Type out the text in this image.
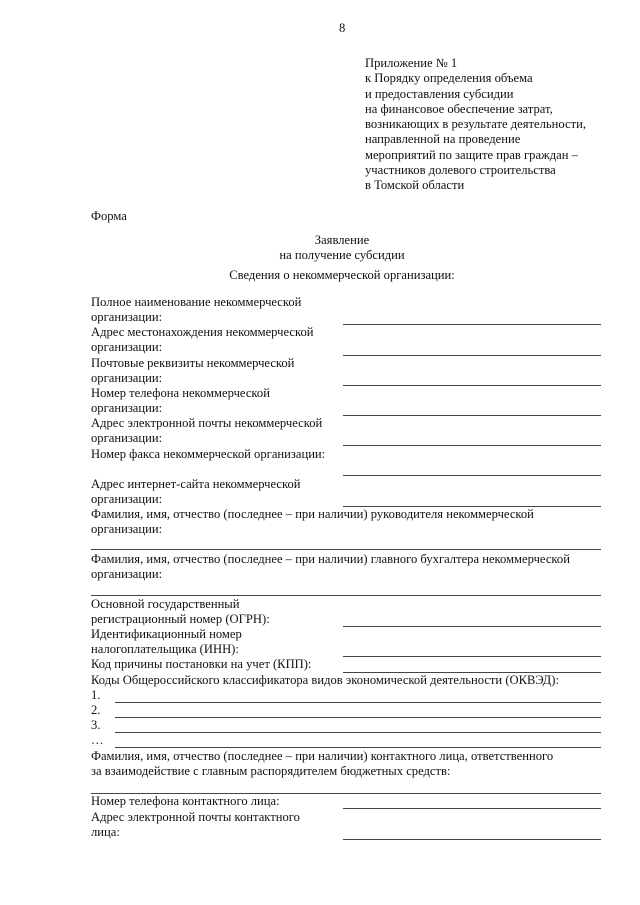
8
Приложение № 1
к Порядку определения объема
и предоставления субсидии
на финансовое обеспечение затрат,
возникающих в результате деятельности,
направленной на проведение
мероприятий по защите прав граждан –
участников долевого строительства
в Томской области
Форма
Заявление
на получение субсидии
Сведения о некоммерческой организации:
Полное наименование некоммерческой
организации:
Адрес местонахождения некоммерческой
организации:
Почтовые реквизиты некоммерческой
организации:
Номер телефона некоммерческой
организации:
Адрес электронной почты некоммерческой
организации:
Номер факса некоммерческой организации:
Адрес интернет-сайта некоммерческой
организации:
Фамилия, имя, отчество (последнее – при наличии) руководителя некоммерческой
организации:
Фамилия, имя, отчество (последнее – при наличии) главного бухгалтера некоммерческой
организации:
Основной государственный
регистрационный номер (ОГРН):
Идентификационный номер
налогоплательщика (ИНН):
Код причины постановки на учет (КПП):
Коды Общероссийского классификатора видов экономической деятельности (ОКВЭД):
1.
2.
3.
…
Фамилия, имя, отчество (последнее – при наличии) контактного лица, ответственного
за взаимодействие с главным распорядителем бюджетных средств:
Номер телефона контактного лица:
Адрес электронной почты контактного
лица:
